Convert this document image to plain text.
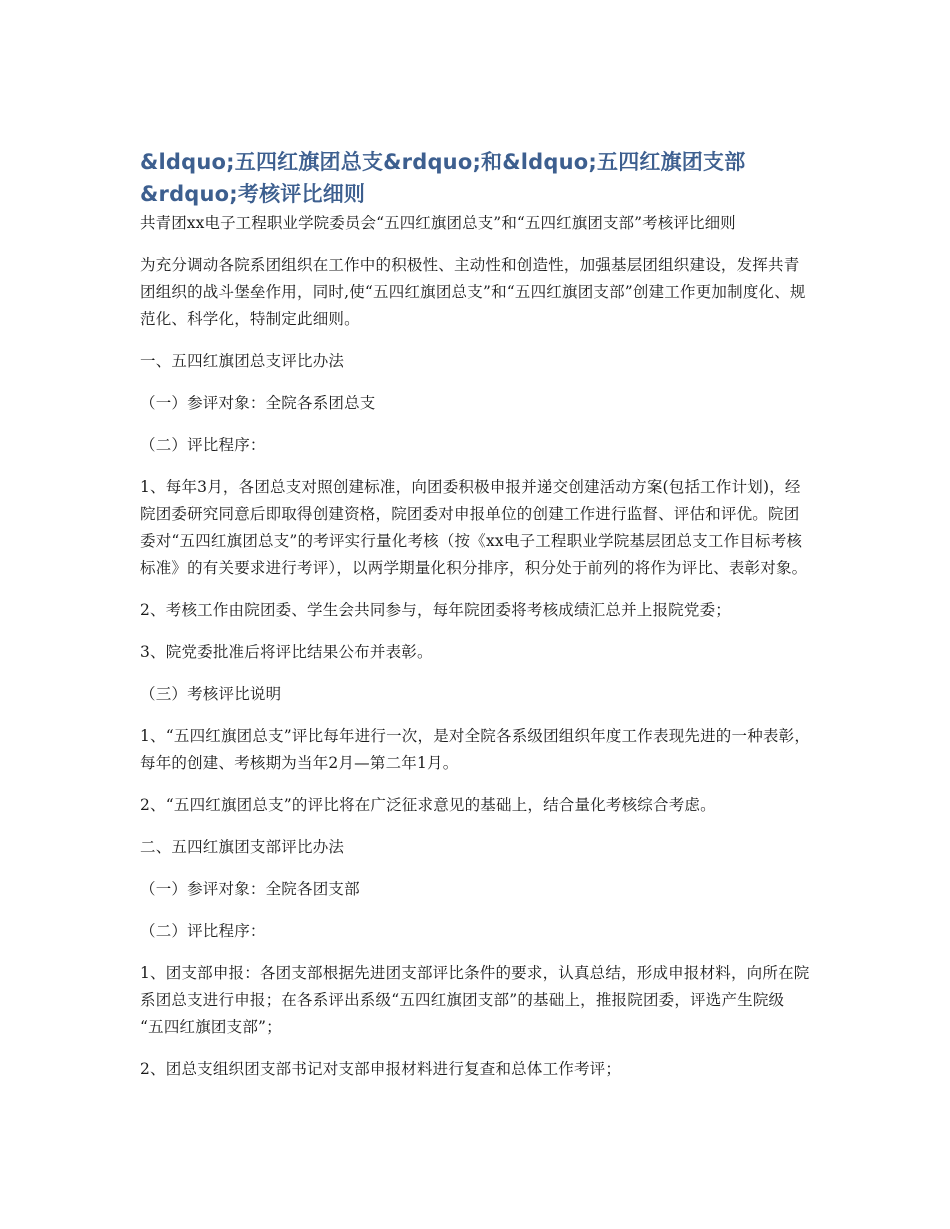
&ldquo;五四红旗团总支&rdquo;和&ldquo;五四红旗团支部&rdquo;考核评比细则

共青团xx电子工程职业学院委员会“五四红旗团总支”和“五四红旗团支部”考核评比细则

为充分调动各院系团组织在工作中的积极性、主动性和创造性，加强基层团组织建设，发挥共青团组织的战斗堡垒作用，同时,使“五四红旗团总支”和“五四红旗团支部”创建工作更加制度化、规范化、科学化，特制定此细则。

一、五四红旗团总支评比办法

（一）参评对象：全院各系团总支

（二）评比程序：

1、每年3月，各团总支对照创建标准，向团委积极申报并递交创建活动方案(包括工作计划)，经院团委研究同意后即取得创建资格，院团委对申报单位的创建工作进行监督、评估和评优。院团委对“五四红旗团总支”的考评实行量化考核（按《xx电子工程职业学院基层团总支工作目标考核标准》的有关要求进行考评），以两学期量化积分排序，积分处于前列的将作为评比、表彰对象。

2、考核工作由院团委、学生会共同参与，每年院团委将考核成绩汇总并上报院党委；

3、院党委批准后将评比结果公布并表彰。

（三）考核评比说明

1、“五四红旗团总支”评比每年进行一次，是对全院各系级团组织年度工作表现先进的一种表彰，每年的创建、考核期为当年2月—第二年1月。

2、“五四红旗团总支”的评比将在广泛征求意见的基础上，结合量化考核综合考虑。

二、五四红旗团支部评比办法

（一）参评对象：全院各团支部

（二）评比程序：

1、团支部申报：各团支部根据先进团支部评比条件的要求，认真总结，形成申报材料，向所在院系团总支进行申报；在各系评出系级“五四红旗团支部”的基础上，推报院团委，评选产生院级 “五四红旗团支部”；

2、团总支组织团支部书记对支部申报材料进行复查和总体工作考评；
